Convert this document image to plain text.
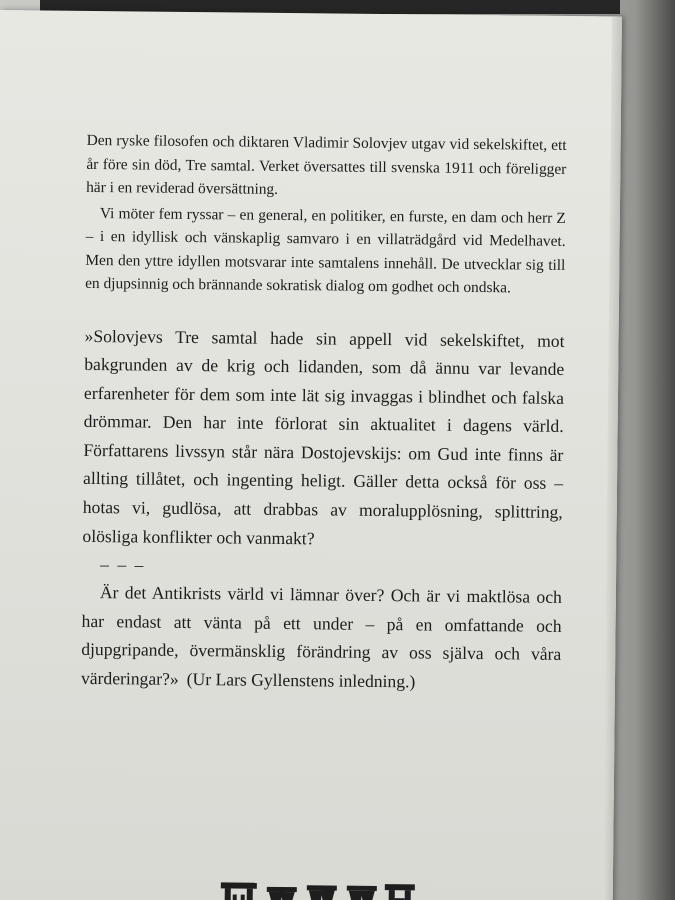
Den ryske filosofen och diktaren Vladimir Solovjev utgav vid sekelskiftet, ett år före sin död, Tre samtal. Verket översattes till svenska 1911 och föreligger här i en reviderad översättning.

Vi möter fem ryssar – en general, en politiker, en furste, en dam och herr Z – i en idyllisk och vänskaplig samvaro i en villaträdgård vid Medelhavet. Men den yttre idyllen motsvarar inte samtalens innehåll. De utvecklar sig till en djupsinnig och brännande sokratisk dialog om godhet och ondska.

»Solovjevs Tre samtal hade sin appell vid sekelskiftet, mot bakgrunden av de krig och lidanden, som då ännu var levande erfarenheter för dem som inte lät sig invaggas i blindhet och falska drömmar. Den har inte förlorat sin aktualitet i dagens värld. Författarens livssyn står nära Dostojevskijs: om Gud inte finns är allting tillåtet, och ingenting heligt. Gäller detta också för oss – hotas vi, gudlösa, att drabbas av moralupplösning, splittring, olösliga konflikter och vanmakt?

– – –

Är det Antikrists värld vi lämnar över? Och är vi maktlösa och har endast att vänta på ett under – på en omfattande och djupgripande, övermänsklig förändring av oss själva och våra värderingar?» (Ur Lars Gyllenstens inledning.)
